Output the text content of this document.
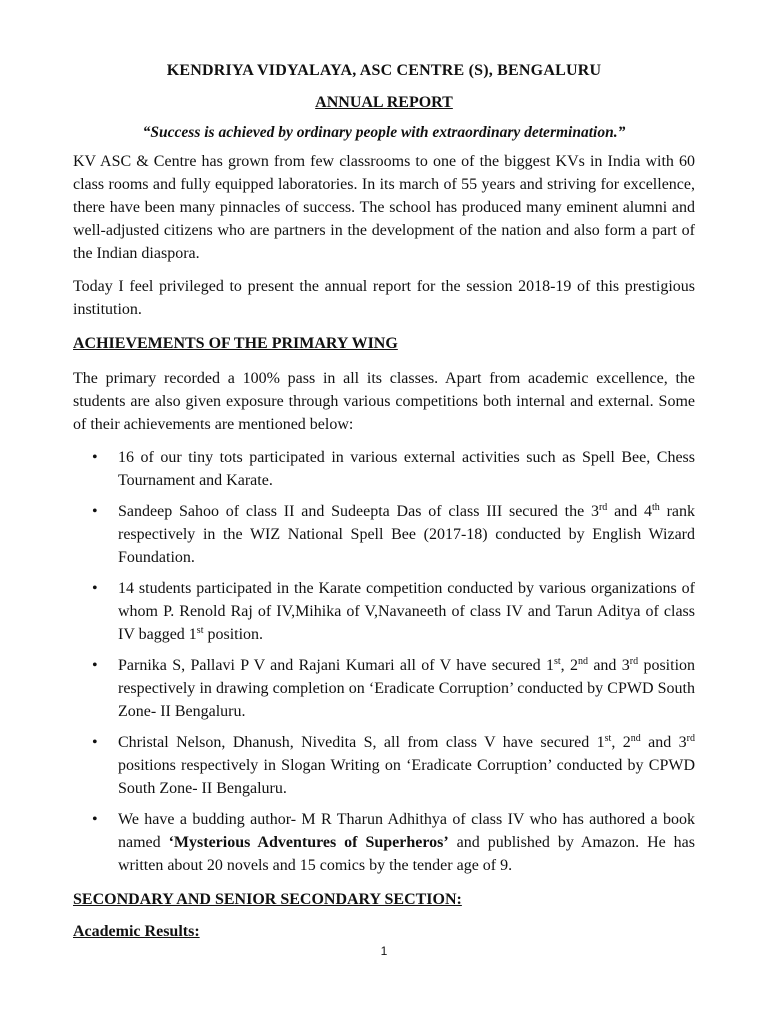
KENDRIYA VIDYALAYA, ASC CENTRE (S), BENGALURU
ANNUAL REPORT
“Success is achieved by ordinary people with extraordinary determination.”

KV ASC & Centre has grown from few classrooms to one of the biggest KVs in India with 60 class rooms and fully equipped laboratories. In its march of 55 years and striving for excellence, there have been many pinnacles of success. The school has produced many eminent alumni and well-adjusted citizens who are partners in the development of the nation and also form a part of the Indian diaspora.

Today I feel privileged to present the annual report for the session 2018-19 of this prestigious institution.

ACHIEVEMENTS OF THE PRIMARY WING

The primary recorded a 100% pass in all its classes. Apart from academic excellence, the students are also given exposure through various competitions both internal and external. Some of their achievements are mentioned below:

• 16 of our tiny tots participated in various external activities such as Spell Bee, Chess Tournament and Karate.
• Sandeep Sahoo of class II and Sudeepta Das of class III secured the 3rd and 4th rank respectively in the WIZ National Spell Bee (2017-18) conducted by English Wizard Foundation.
• 14 students participated in the Karate competition conducted by various organizations of whom P. Renold Raj of IV,Mihika of V,Navaneeth of class IV and Tarun Aditya of class IV bagged 1st position.
• Parnika S, Pallavi P V and Rajani Kumari all of V have secured 1st, 2nd and 3rd position respectively in drawing completion on ‘Eradicate Corruption’ conducted by CPWD South Zone- II Bengaluru.
• Christal Nelson, Dhanush, Nivedita S, all from class V have secured 1st, 2nd and 3rd positions respectively in Slogan Writing on ‘Eradicate Corruption’ conducted by CPWD South Zone- II Bengaluru.
• We have a budding author- M R Tharun Adhithya of class IV who has authored a book named ‘Mysterious Adventures of Superheros’ and published by Amazon. He has written about 20 novels and 15 comics by the tender age of 9.
SECONDARY AND SENIOR SECONDARY SECTION:
Academic Results:
1
